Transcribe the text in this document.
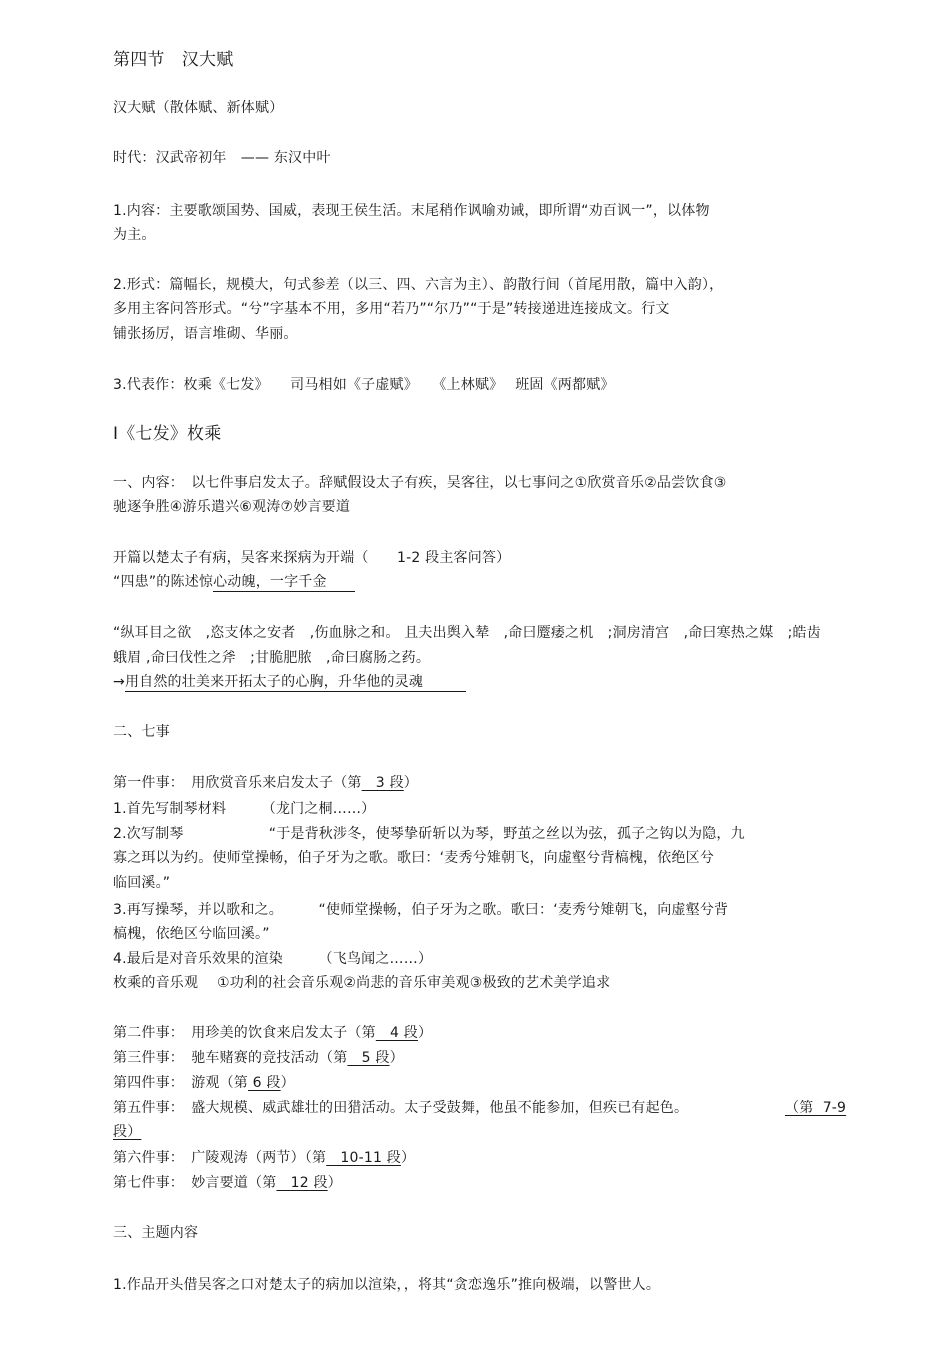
第四节　汉大赋

汉大赋（散体赋、新体赋）

时代：汉武帝初年　—— 东汉中叶

1.内容：主要歌颂国势、国威，表现王侯生活。末尾稍作讽喻劝诫，即所谓“劝百讽一”，以体物

为主。

2.形式：篇幅长，规模大，句式参差（以三、四、六言为主）、韵散行间（首尾用散，篇中入韵），

多用主客问答形式。“兮”字基本不用，多用“若乃”“尔乃”“于是”转接递进连接成文。行文

铺张扬厉，语言堆砌、华丽。

3.代表作：枚乘《七发》　　司马相如《子虚赋》　　《上林赋》　 班固《两都赋》

Ⅰ《七发》枚乘

一、内容：　以七件事启发太子。辞赋假设太子有疾，吴客往，以七事问之①欣赏音乐②品尝饮食③

驰逐争胜④游乐遣兴⑥观涛⑦妙言要道

开篇以楚太子有病，吴客来探病为开端（　　1-2 段主客问答）

“四患”的陈述惊心动魄，一字千金　　

“纵耳目之欲　,恣支体之安者　,伤血脉之和。 且夫出舆入辇　,命曰蹷痿之机　;洞房清宫　,命曰寒热之媒　;皓齿

蛾眉 ,命曰伐性之斧　;甘脆肥脓　,命曰腐肠之药。

→用自然的壮美来开拓太子的心胸，升华他的灵魂　　　

二、七事

第一件事：　用欣赏音乐来启发太子（第　3 段）

1.首先写制琴材料　　　（龙门之桐……）

2.次写制琴　　　　　　“于是背秋涉冬，使琴挚斫斩以为琴，野茧之丝以为弦，孤子之钩以为隐，九

寡之珥以为约。使师堂操畅，伯子牙为之歌。歌曰：‘麦秀兮雉朝飞，向虚壑兮背槁槐，依绝区兮

临回溪。”

3.再写操琴，并以歌和之。　　　“使师堂操畅，伯子牙为之歌。歌曰：‘麦秀兮雉朝飞，向虚壑兮背

槁槐，依绝区兮临回溪。”

4.最后是对音乐效果的渲染　　　（飞鸟闻之……）

枚乘的音乐观　 ①功利的社会音乐观②尚悲的音乐审美观③极致的艺术美学追求

第二件事：　用珍美的饮食来启发太子（第　4 段）

第三件事：　驰车赌赛的竞技活动（第　5 段）

第四件事：　游观（第 6 段）

第五件事：　盛大规模、威武雄壮的田猎活动。太子受鼓舞，他虽不能参加，但疾已有起色。	（第  7-9

段）

第六件事：　广陵观涛（两节）（第　10-11 段）

第七件事：　妙言要道（第　12 段）

三、主题内容

1.作品开头借吴客之口对楚太子的病加以渲染，，将其“贪恋逸乐”推向极端，以警世人。
